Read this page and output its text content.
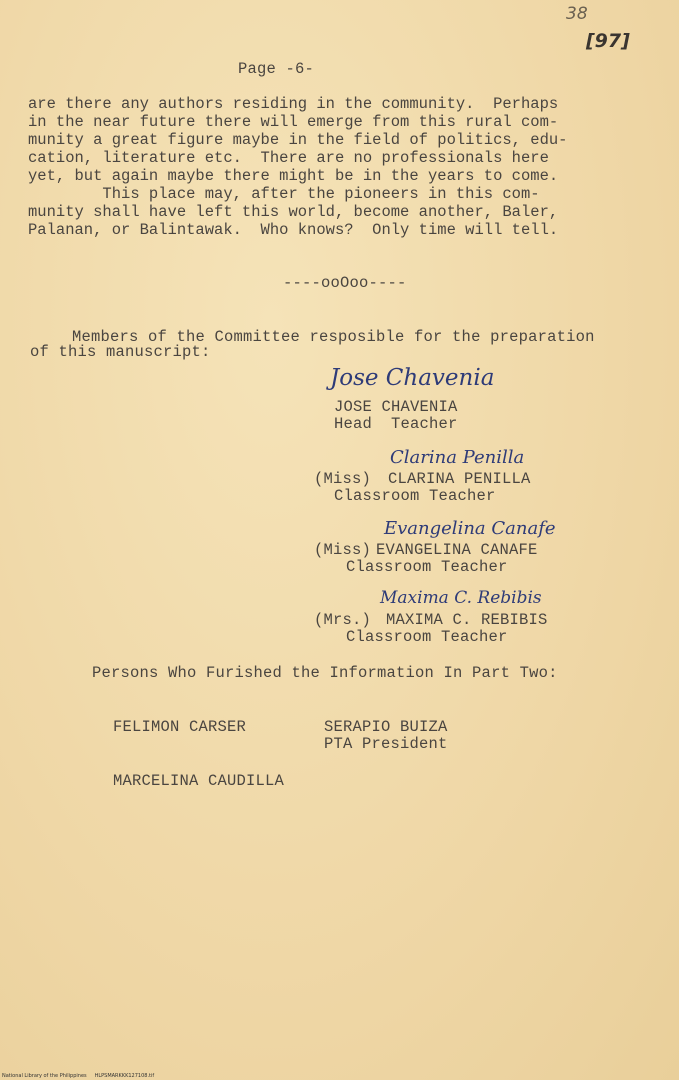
38
[97]
Page -6-
are there any authors residing in the community.  Perhaps
in the near future there will emerge from this rural com-
munity a great figure maybe in the field of politics, edu-
cation, literature etc.  There are no professionals here
yet, but again maybe there might be in the years to come.
This place may, after the pioneers in this com-
munity shall have left this world, become another, Baler,
Palanan, or Balintawak.  Who knows?  Only time will tell.
----ooOoo----
Members of the Committee resposible for the preparation
of this manuscript:
Jose Chavenia
JOSE CHAVENIA
Head  Teacher
Clarina Penilla
(Miss) CLARINA PENILLA
Classroom Teacher
Evangelina Canafe
(Miss) EVANGELINA CANAFE
Classroom Teacher
Maxima C. Rebibis
(Mrs.) MAXIMA C. REBIBIS
Classroom Teacher
Persons Who Furished the Information In Part Two:
FELIMON CARSER	SERAPIO BUIZA
PTA President
MARCELINA CAUDILLA
National Library of the Philippines     HLPSMARKKK127108.tif
